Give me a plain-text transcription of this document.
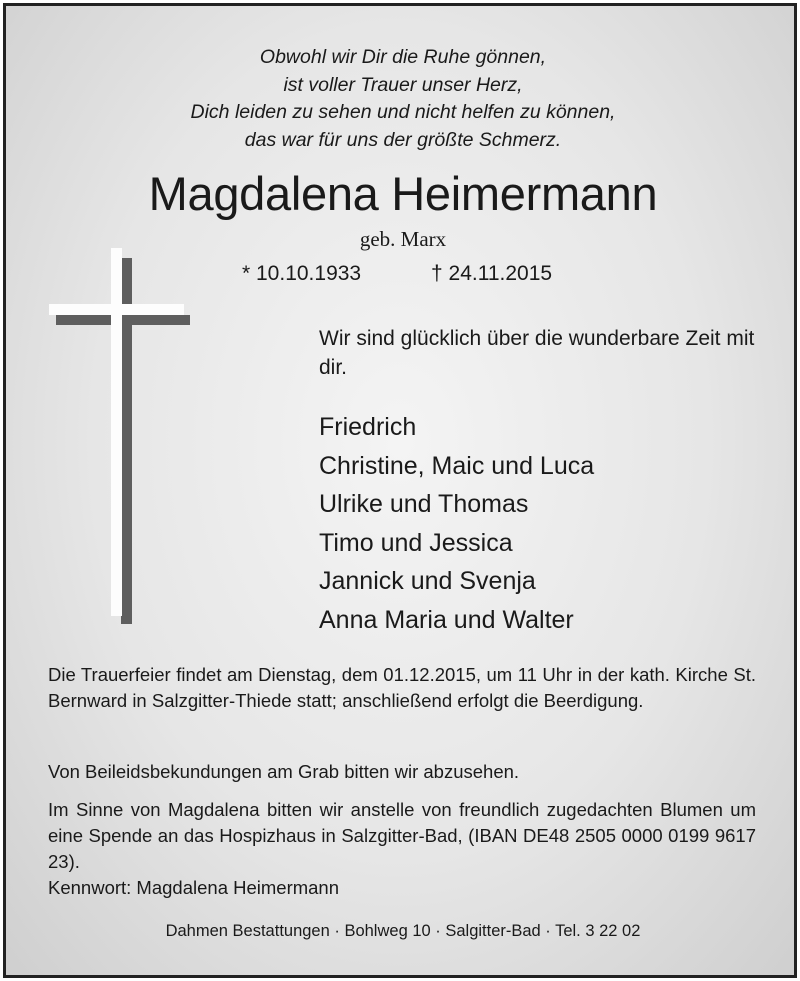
Obwohl wir Dir die Ruhe gönnen,
ist voller Trauer unser Herz,
Dich leiden zu sehen und nicht helfen zu können,
das war für uns der größte Schmerz.
Magdalena Heimermann
geb. Marx
* 10.10.1933	† 24.11.2015
Wir sind glücklich über die wunderbare Zeit mit dir.
Friedrich
Christine, Maic und Luca
Ulrike und Thomas
Timo und Jessica
Jannick und Svenja
Anna Maria und Walter
Die Trauerfeier findet am Dienstag, dem 01.12.2015, um 11 Uhr in der kath. Kirche St. Bernward in Salzgitter-Thiede statt; anschließend erfolgt die Beerdigung.
Von Beileidsbekundungen am Grab bitten wir abzusehen.
Im Sinne von Magdalena bitten wir anstelle von freundlich zugedachten Blumen um eine Spende an das Hospizhaus in Salzgitter-Bad, (IBAN DE48 2505 0000 0199 9617 23).
Kennwort: Magdalena Heimermann
Dahmen Bestattungen · Bohlweg 10 · Salgitter-Bad · Tel. 3 22 02
